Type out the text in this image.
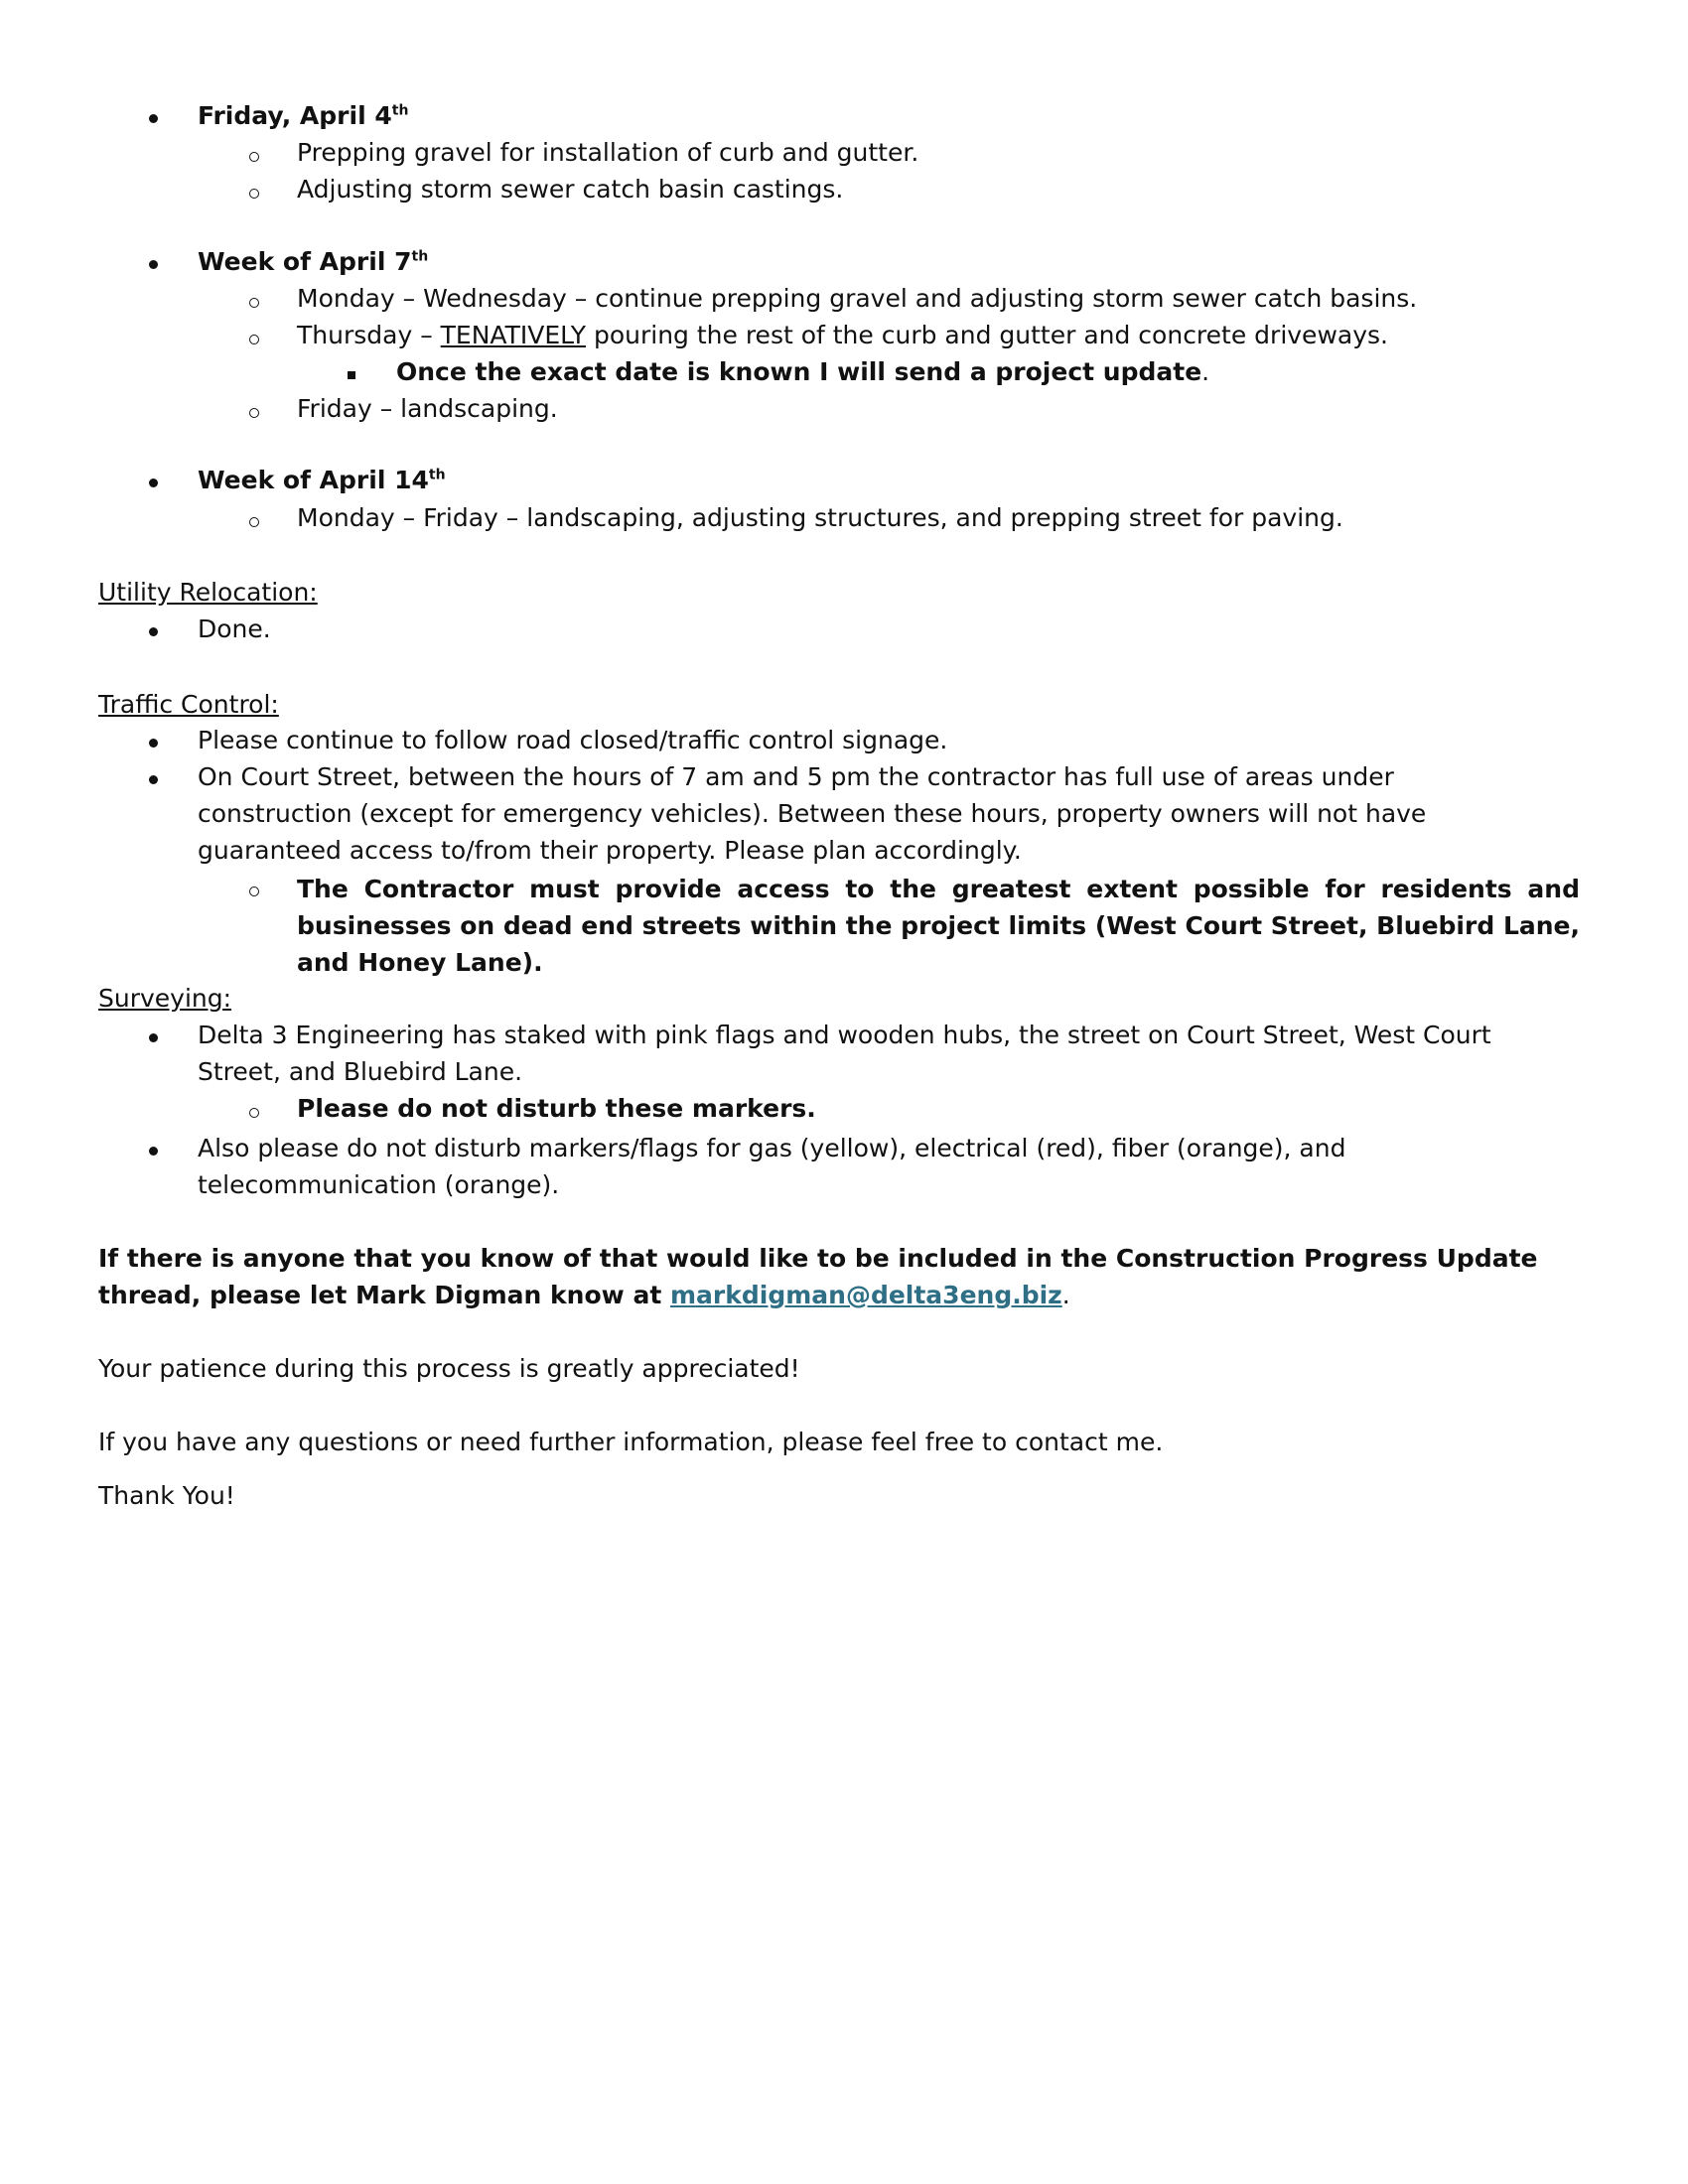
Friday, April 4th
Prepping gravel for installation of curb and gutter.
Adjusting storm sewer catch basin castings.
Week of April 7th
Monday – Wednesday – continue prepping gravel and adjusting storm sewer catch basins.
Thursday – TENATIVELY pouring the rest of the curb and gutter and concrete driveways.
Once the exact date is known I will send a project update.
Friday – landscaping.
Week of April 14th
Monday – Friday – landscaping, adjusting structures, and prepping street for paving.
Utility Relocation:
Done.
Traffic Control:
Please continue to follow road closed/traffic control signage.
On Court Street, between the hours of 7 am and 5 pm the contractor has full use of areas under
construction (except for emergency vehicles). Between these hours, property owners will not have
guaranteed access to/from their property. Please plan accordingly.
The Contractor must provide access to the greatest extent possible for residents and businesses on dead end streets within the project limits (West Court Street, Bluebird Lane, and Honey Lane).
Surveying:
Delta 3 Engineering has staked with pink flags and wooden hubs, the street on Court Street, West Court
Street, and Bluebird Lane.
Please do not disturb these markers.
Also please do not disturb markers/flags for gas (yellow), electrical (red), fiber (orange), and
telecommunication (orange).
If there is anyone that you know of that would like to be included in the Construction Progress Update
thread, please let Mark Digman know at markdigman@delta3eng.biz.
Your patience during this process is greatly appreciated!
If you have any questions or need further information, please feel free to contact me.
Thank You!
